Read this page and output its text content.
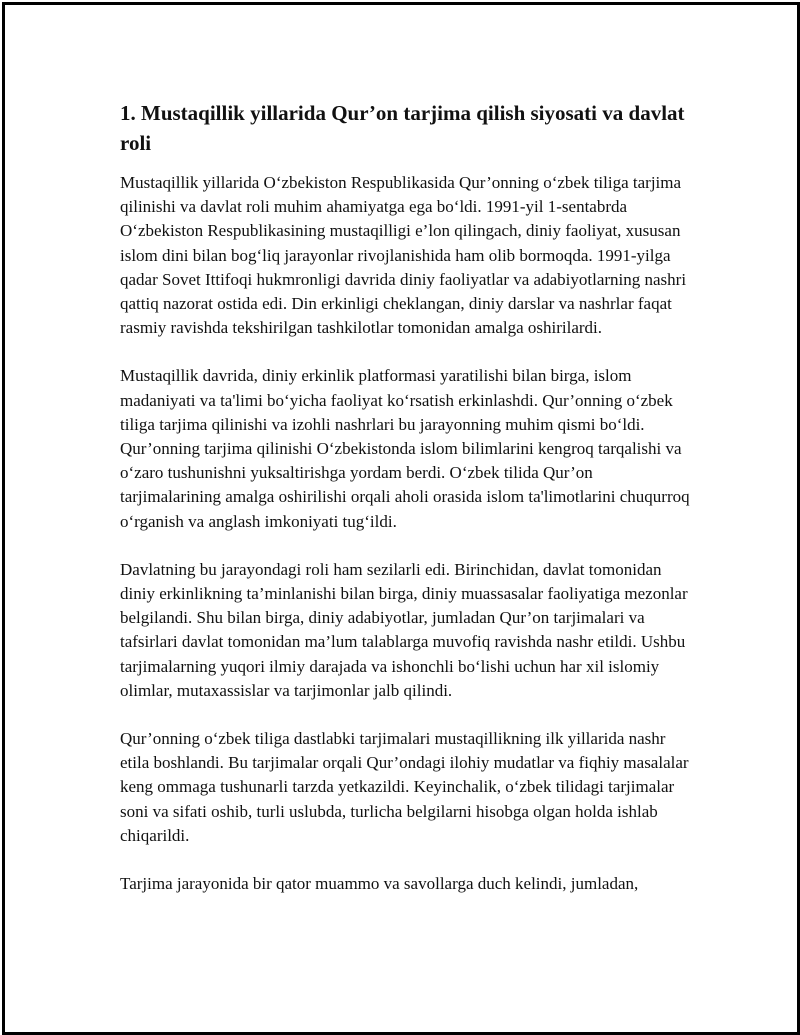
1. Mustaqillik yillarida Qur’on tarjima qilish siyosati va davlat roli

Mustaqillik yillarida O‘zbekiston Respublikasida Qur’onning o‘zbek tiliga tarjima qilinishi va davlat roli muhim ahamiyatga ega bo‘ldi. 1991-yil 1-sentabrda O‘zbekiston Respublikasining mustaqilligi e’lon qilingach, diniy faoliyat, xususan islom dini bilan bog‘liq jarayonlar rivojlanishida ham olib bormoqda. 1991-yilga qadar Sovet Ittifoqi hukmronligi davrida diniy faoliyatlar va adabiyotlarning nashri qattiq nazorat ostida edi. Din erkinligi cheklangan, diniy darslar va nashrlar faqat rasmiy ravishda tekshirilgan tashkilotlar tomonidan amalga oshirilardi.

Mustaqillik davrida, diniy erkinlik platformasi yaratilishi bilan birga, islom madaniyati va ta'limi bo‘yicha faoliyat ko‘rsatish erkinlashdi. Qur’onning o‘zbek tiliga tarjima qilinishi va izohli nashrlari bu jarayonning muhim qismi bo‘ldi. Qur’onning tarjima qilinishi O‘zbekistonda islom bilimlarini kengroq tarqalishi va o‘zaro tushunishni yuksaltirishga yordam berdi. O‘zbek tilida Qur’on tarjimalarining amalga oshirilishi orqali aholi orasida islom ta'limotlarini chuqurroq o‘rganish va anglash imkoniyati tug‘ildi.

Davlatning bu jarayondagi roli ham sezilarli edi. Birinchidan, davlat tomonidan diniy erkinlikning ta’minlanishi bilan birga, diniy muassasalar faoliyatiga mezonlar belgilandi. Shu bilan birga, diniy adabiyotlar, jumladan Qur’on tarjimalari va tafsirlari davlat tomonidan ma’lum talablarga muvofiq ravishda nashr etildi. Ushbu tarjimalarning yuqori ilmiy darajada va ishonchli bo‘lishi uchun har xil islomiy olimlar, mutaxassislar va tarjimonlar jalb qilindi.

Qur’onning o‘zbek tiliga dastlabki tarjimalari mustaqillikning ilk yillarida nashr etila boshlandi. Bu tarjimalar orqali Qur’ondagi ilohiy mudatlar va fiqhiy masalalar keng ommaga tushunarli tarzda yetkazildi. Keyinchalik, o‘zbek tilidagi tarjimalar soni va sifati oshib, turli uslubda, turlicha belgilarni hisobga olgan holda ishlab chiqarildi.

Tarjima jarayonida bir qator muammo va savollarga duch kelindi, jumladan,
